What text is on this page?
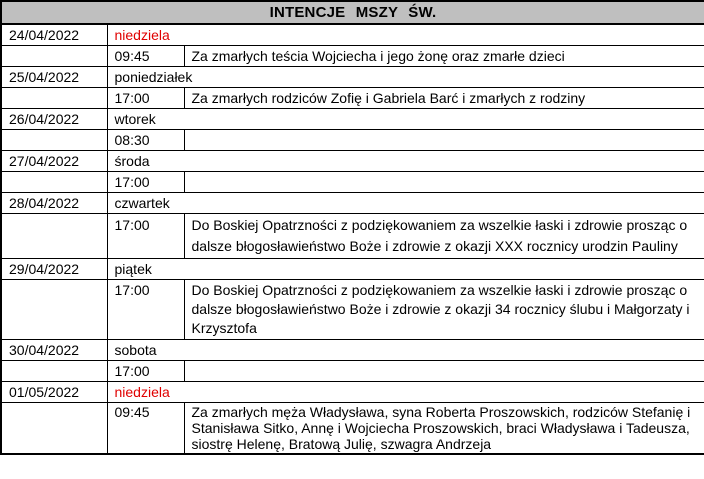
INTENCJE MSZY ŚW.		
24/04/2022	niedziela	
	09:45	Za zmarłych teścia Wojciecha i jego żonę oraz zmarłe dzieci
25/04/2022	poniedziałek	
	17:00	Za zmarłych rodziców Zofię i Gabriela Barć i zmarłych z rodziny
26/04/2022	wtorek	
	08:30	
27/04/2022	środa	
	17:00	
28/04/2022	czwartek	
	17:00	Do Boskiej Opatrzności z podziękowaniem za wszelkie łaski i zdrowie prosząc o dalsze błogosławieństwo Boże i zdrowie z okazji XXX rocznicy urodzin Pauliny
29/04/2022	piątek	
	17:00	Do Boskiej Opatrzności z podziękowaniem za wszelkie łaski i zdrowie prosząc o dalsze błogosławieństwo Boże i zdrowie z okazji 34 rocznicy ślubu i Małgorzaty i Krzysztofa
30/04/2022	sobota	
	17:00	
01/05/2022	niedziela	
	09:45	Za zmarłych męża Władysława, syna Roberta Proszowskich, rodziców Stefanię i Stanisława Sitko, Annę i Wojciecha Proszowskich, braci Władysława i Tadeusza, siostrę Helenę, Bratową Julię, szwagra Andrzeja
